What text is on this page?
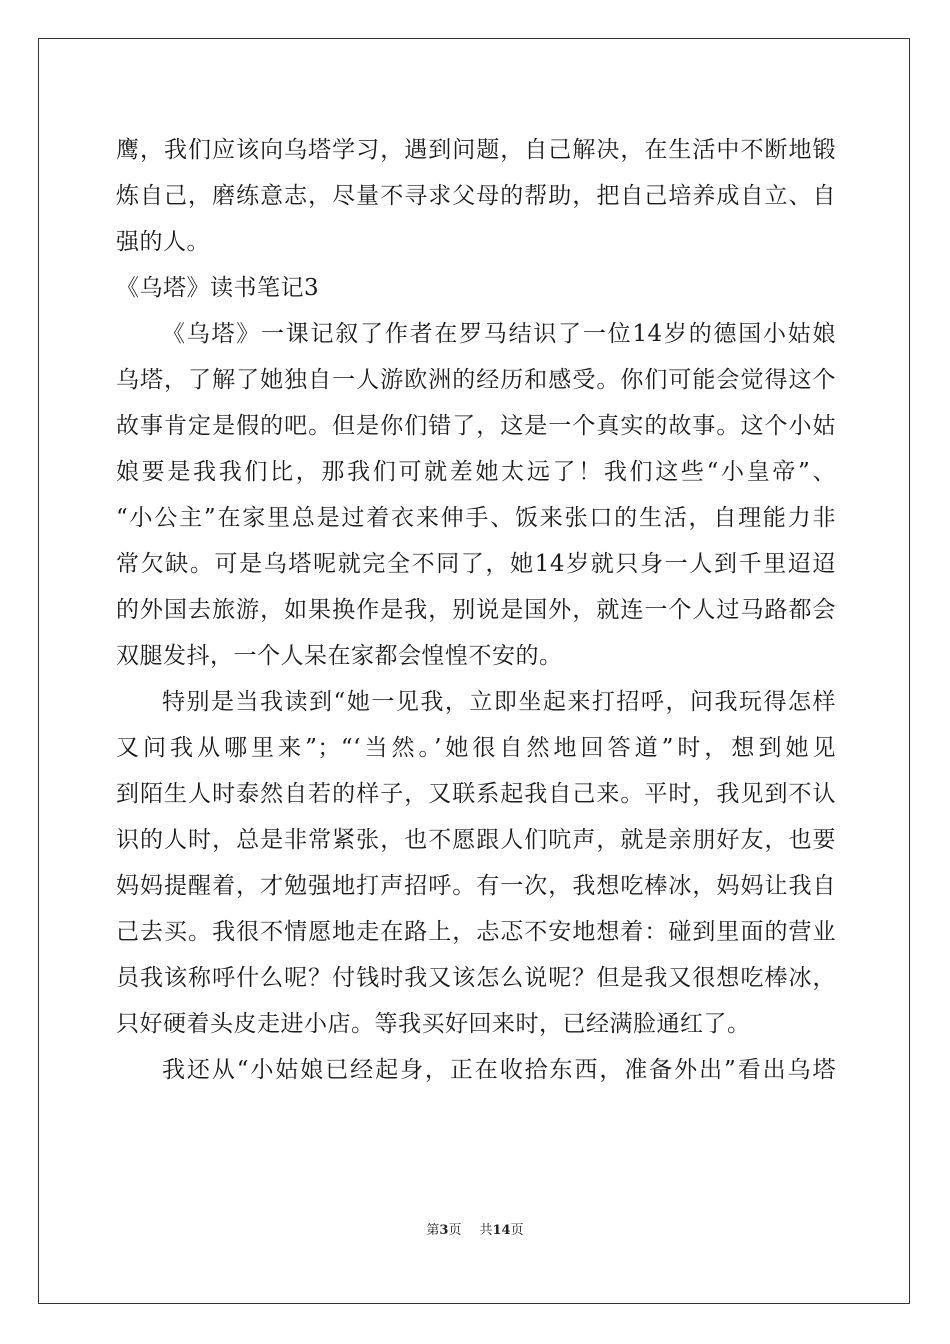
鹰，我们应该向乌塔学习，遇到问题，自己解决，在生活中不断地锻
炼自己，磨练意志，尽量不寻求父母的帮助，把自己培养成自立、自
强的人。
《乌塔》读书笔记3
《乌塔》一课记叙了作者在罗马结识了一位14岁的德国小姑娘
乌塔，了解了她独自一人游欧洲的经历和感受。你们可能会觉得这个
故事肯定是假的吧。但是你们错了，这是一个真实的故事。这个小姑
娘要是我我们比，那我们可就差她太远了！我们这些“小皇帝”、
“小公主”在家里总是过着衣来伸手、饭来张口的生活，自理能力非
常欠缺。可是乌塔呢就完全不同了，她14岁就只身一人到千里迢迢
的外国去旅游，如果换作是我，别说是国外，就连一个人过马路都会
双腿发抖，一个人呆在家都会惶惶不安的。
特别是当我读到“她一见我，立即坐起来打招呼，问我玩得怎样
又问我从哪里来”；“‘当然。’她很自然地回答道”时，想到她见
到陌生人时泰然自若的样子，又联系起我自己来。平时，我见到不认
识的人时，总是非常紧张，也不愿跟人们吭声，就是亲朋好友，也要
妈妈提醒着，才勉强地打声招呼。有一次，我想吃棒冰，妈妈让我自
己去买。我很不情愿地走在路上，忐忑不安地想着：碰到里面的营业
员我该称呼什么呢？付钱时我又该怎么说呢？但是我又很想吃棒冰，
只好硬着头皮走进小店。等我买好回来时，已经满脸通红了。
我还从“小姑娘已经起身，正在收拾东西，准备外出”看出乌塔
第3页 共14页
